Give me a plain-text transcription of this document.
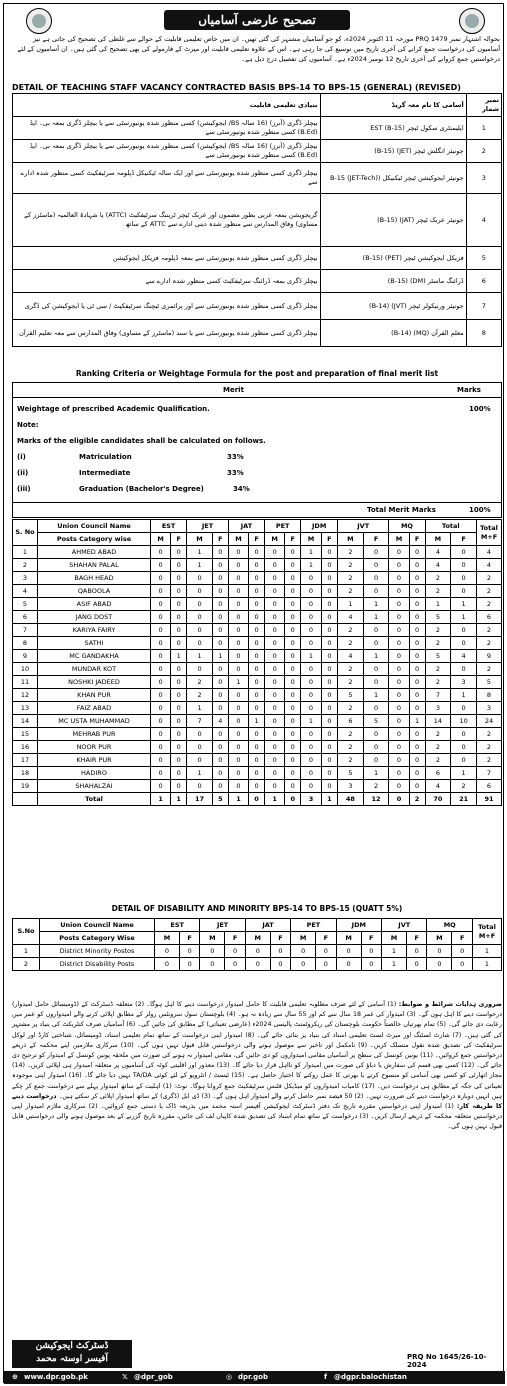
تصحیح عارضی آسامیاں
بحوالہ اشتہار نمبر 1479 PRQ مورخہ 11 اکتوبر 2024ء، کو جو آسامیاں مشتہر کی گئی تھیں۔ ان میں خاص تعلیمی قابلیت کے حوالے سے غلطی کی تصحیح کی جاتی ہے نیز آسامیوں کی درخواست جمع کرانے کی آخری تاریخ میں توسیع کی جا رہی ہے۔ اس کے علاوہ تعلیمی قابلیت اور میرٹ کے فارمولے کی بھی تصحیح کی گئی ہیں۔ ان آسامیوں کے لئے درخواستیں جمع کروانے کی آخری تاریخ 12 نومبر 2024ء ہے۔ آسامیوں کی تفصیل درج ذیل ہے۔
DETAIL OF TEACHING STAFF VACANCY CONTRACTED BASIS BPS-14 TO BPS-15 (GENERAL) (REVISED)
بنیادی تعلیمی قابلیت	آسامی کا نام معہ گریڈ	نمبر شمار
بیچلر ڈگری (آنرز) (16 سالہ BS/ ایجوکیشن) کسی منظور شدہ یونیورسٹی سے یا بیچلر ڈگری بمعہ بی۔ ایڈ (B.Ed) کسی منظور شدہ یونیورسٹی سے	ایلیمنٹری سکول ٹیچر (B-15) EST	1
بیچلر ڈگری (آنرز) (16 سالہ BS/ ایجوکیشن) کسی منظور شدہ یونیورسٹی سے یا بیچلر ڈگری بمعہ بی۔ ایڈ (B.Ed) کسی منظور شدہ یونیورسٹی سے	جونیئر انگلش ٹیچر (JET) (B-15)	2
بیچلر ڈگری کسی منظور شدہ یونیورسٹی سے اور ایک سالہ ٹیکنیکل ڈپلومہ سرٹیفکیٹ کسی منظور شدہ ادارے سے	جونیئر ایجوکیشن ٹیچر ٹیکنیکل (B-15 (JET-Tech)	3
گریجویشن بمعہ عربی بطور مضمون اور عربک ٹیچر ٹریننگ سرٹیفکیٹ (ATTC) یا شہادۃ العالمیہ (ماسٹرز کے مساوی) وفاق المدارس سے منظور شدہ دینی ادارے سے ATTC کے ساتھ	جونیئر عربک ٹیچر (JAT) (B-15)	4
بیچلر ڈگری کسی منظور شدہ یونیورسٹی سے بمعہ ڈپلومہ فزیکل ایجوکیشن	فزیکل ایجوکیشن ٹیچر (PET) (B-15)	5
بیچلر ڈگری بمعہ ڈرائنگ سرٹیفکیٹ کسی منظور شدہ ادارے سے	ڈرائنگ ماسٹر (DM) (B-15)	6
بیچلر ڈگری کسی منظور شدہ یونیورسٹی سے اور پرائمری ٹیچنگ سرٹیفکیٹ / سی ٹی یا ایجوکیشن کی ڈگری	جونیئر ورنیکولر ٹیچر (JVT) (B-14)	7
بیچلر ڈگری کسی منظور شدہ یونیورسٹی سے یا سند (ماسٹرز کے مساوی) وفاق المدارس سے معہ تعلیم القرآن	معلم القرآن (MQ) (B-14)	8
Ranking Criteria or Weightage Formula for the post and preparation of final merit list
Merit	Marks
Weightage of prescribed Academic Qualification.	100%
Note:
Marks of the eligible candidates shall be calculated on follows.
(i)	Matriculation	33%
(ii)	Intermediate	33%
(iii)	Graduation (Bachelor's Degree)	34%
Total Merit Marks	100%
S. No	Union Council Name	EST		JET		JAT		PET		JDM		JVT		MQ		Total		Total M+F
	Posts Category wise	M	F	M	F	M	F	M	F	M	F	M	F	M	F	M	F	
1	AHMED ABAD	0	0	1	0	0	0	0	0	1	0	2	0	0	0	4	0	4
2	SHAHAN PALAL	0	0	1	0	0	0	0	0	1	0	2	0	0	0	4	0	4
3	BAGH HEAD	0	0	0	0	0	0	0	0	0	0	2	0	0	0	2	0	2
4	QABOOLA	0	0	0	0	0	0	0	0	0	0	2	0	0	0	2	0	2
5	ASIF ABAD	0	0	0	0	0	0	0	0	0	0	1	1	0	0	1	1	2
6	JANG DOST	0	0	0	0	0	0	0	0	0	0	4	1	0	0	5	1	6
7	KARIYA FAIRY	0	0	0	0	0	0	0	0	0	0	2	0	0	0	2	0	2
8	SATHI	0	0	0	0	0	0	0	0	0	0	2	0	0	0	2	0	2
9	MC GANDAKHA	0	1	1	1	0	0	0	0	1	0	4	1	0	0	5	4	9
10	MUNDAR KOT	0	0	0	0	0	0	0	0	0	0	2	0	0	0	2	0	2
11	NOSHKI JADEED	0	0	2	0	1	0	0	0	0	0	2	0	0	0	2	3	5
12	KHAN PUR	0	0	2	0	0	0	0	0	0	0	5	1	0	0	7	1	8
13	FAIZ ABAD	0	0	1	0	0	0	0	0	0	0	2	0	0	0	3	0	3
14	MC USTA MUHAMMAD	0	0	7	4	0	1	0	0	1	0	6	5	0	1	14	10	24
15	MEHRAB PUR	0	0	0	0	0	0	0	0	0	0	2	0	0	0	2	0	2
16	NOOR PUR	0	0	0	0	0	0	0	0	0	0	2	0	0	0	2	0	2
17	KHAIR PUR	0	0	0	0	0	0	0	0	0	0	2	0	0	0	2	0	2
18	HADIRO	0	0	1	0	0	0	0	0	0	0	5	1	0	0	6	1	7
19	SHAHALZAI	0	0	0	0	0	0	0	0	0	0	3	2	0	0	4	2	6
	Total	1	1	17	5	1	0	1	0	3	1	48	12	0	2	70	21	91
DETAIL OF DISABILITY AND MINORITY BPS-14 TO BPS-15 (QUATT 5%)
S.No	Union Council Name	EST		JET		JAT		PET		JDM		JVT		MQ		Total M+F
	Posts Category Wise	M	F	M	F	M	F	M	F	M	F	M	F	M	F	
1	District Minority Postos	0	0	0	0	0	0	0	0	0	0	1	0	0	0	1
2	District Disability Posts	0	0	0	0	0	0	0	0	0	0	1	0	0	0	1
ضروری ہدایات شرائط و ضوابط: (1) آسامی کے لئے صرف مطلوبہ تعلیمی قابلیت کا حامل امیدوار درخواست دینے کا اہل ہوگا۔ (2) متعلقہ ڈسٹرکٹ کے (ڈومیسائل حامل امیدوار) درخواست دینے کا اہل ہوں گے۔ (3) امیدوار کی عمر 18 سال سے کم اور 55 سال سے زیادہ نہ ہو۔ (4) بلوچستان سول سرونٹس رولز کے مطابق اپلائی کرنے والے امیدواروں کو عمر میں رعایت دی جائے گی۔ (5) تمام بھرتیاں خالصتاً حکومت بلوچستان کی ریکروٹمنٹ پالیسی 2024ء (عارضی تعیناتی) کے مطابق کی جائیں گی۔ (6) آسامیاں صرف کنٹریکٹ کی بنیاد پر مشتہر کی گئی ہیں۔ (7) شارٹ لسٹنگ اور میرٹ لسٹ تعلیمی اسناد کی بنیاد پر بنائی جائے گی۔ (8) امیدوار اپنی درخواست کے ساتھ تمام تعلیمی اسناد، ڈومیسائل، شناختی کارڈ اور لوکل سرٹیفکیٹ کی تصدیق شدہ نقول منسلک کریں۔ (9) نامکمل اور تاخیر سے موصول ہونے والی درخواستیں قابل قبول نہیں ہوں گی۔ (10) سرکاری ملازمین اپنے محکمہ کے ذریعے درخواستیں جمع کروائیں۔ (11) یونین کونسل کی سطح پر آسامیاں مقامی امیدواروں کو دی جائیں گی، مقامی امیدوار نہ ہونے کی صورت میں ملحقہ یونین کونسل کے امیدوار کو ترجیح دی جائے گی۔ (12) کسی بھی قسم کی سفارش یا دباؤ کی صورت میں امیدوار کو نااہل قرار دیا جائے گا۔ (13) معذور اور اقلیتی کوٹہ کی آسامیوں پر متعلقہ امیدوار ہی اپلائی کریں۔ (14) مجاز اتھارٹی کو کسی بھی آسامی کو منسوخ کرنے یا بھرتی کا عمل روکنے کا اختیار حاصل ہے۔ (15) ٹیسٹ / انٹرویو کے لئے کوئی TA/DA نہیں دیا جائے گا۔ (16) امیدوار اپنی موجودہ تعیناتی کی جگہ کے مطابق ہی درخواست دیں۔ (17) کامیاب امیدواروں کو میڈیکل فٹنس سرٹیفکیٹ جمع کروانا ہوگا۔ نوٹ: (1) اہلیت کے ساتھ امیدوار پہلے سے درخواست جمع کر چکے ہیں انہیں دوبارہ درخواست دینے کی ضرورت نہیں۔ (2) 50 فیصد نمبر حاصل کرنے والے امیدوار اہل ہوں گے۔ (3) ڈی ایل (ڈگری) کے ساتھ امیدوار اپلائی کر سکتے ہیں۔ درخواست دینے کا طریقہ کار: (1) امیدوار اپنی درخواستیں مقررہ تاریخ تک دفتر ڈسٹرکٹ ایجوکیشن آفیسر استہ محمد میں بذریعہ ڈاک یا دستی جمع کروائیں۔ (2) سرکاری ملازم امیدوار اپنی درخواستیں متعلقہ محکمہ کے ذریعے ارسال کریں۔ (3) درخواست کے ساتھ تمام اسناد کی تصدیق شدہ کاپیاں لف کی جائیں، مقررہ تاریخ گزرنے کے بعد موصول ہونے والی درخواستیں قابل قبول نہیں ہوں گی۔
ڈسٹرکٹ ایجوکیشن
آفیسر اوستہ محمد	PRQ No 1645/26-10-2024
⊕ www.dpr.gob.pk	𝕏 @dpr_gob	◎ dpr.gob	f @dgpr.balochistan
